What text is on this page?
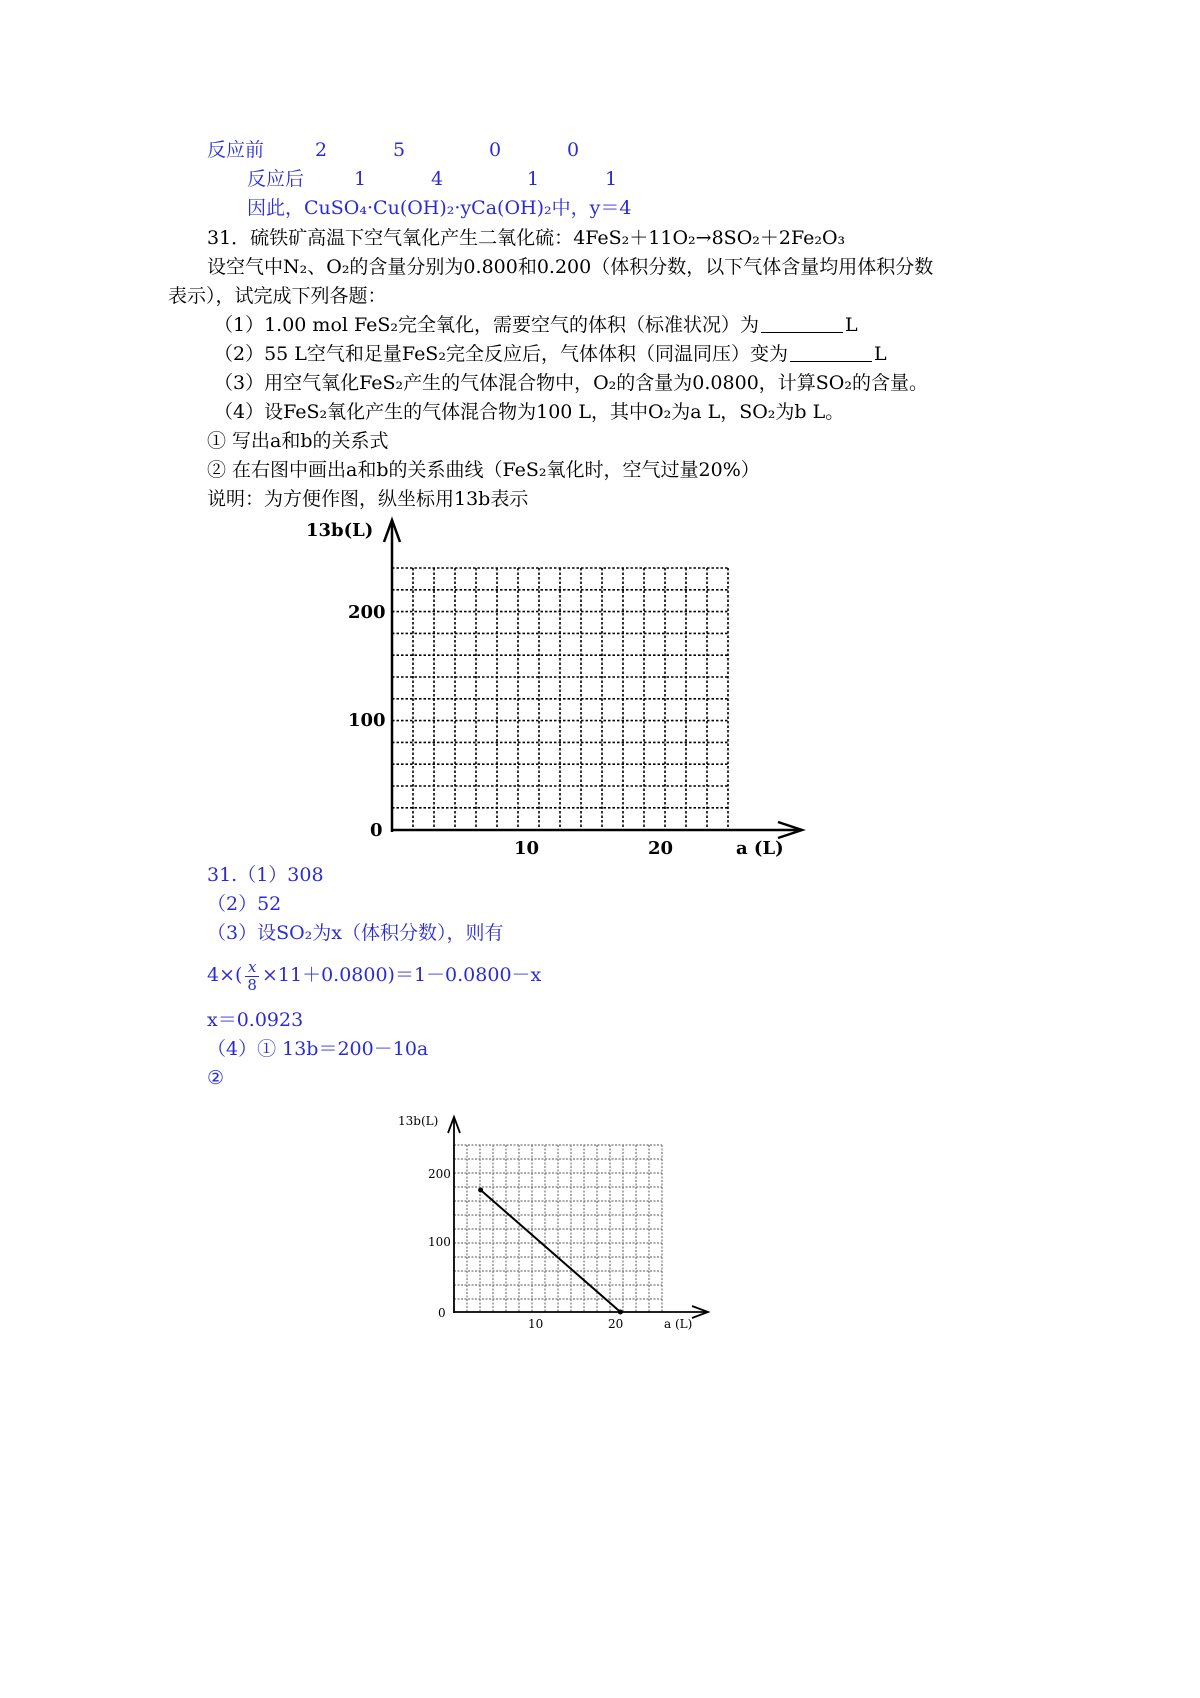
反应前	2	5	0	0
反应后	1	4	1	1
因此，CuSO₄·Cu(OH)₂·yCa(OH)₂中，y＝4
31．硫铁矿高温下空气氧化产生二氧化硫：4FeS₂＋11O₂→8SO₂＋2Fe₂O₃
设空气中N₂、O₂的含量分别为0.800和0.200（体积分数，以下气体含量均用体积分数
表示），试完成下列各题：
（1）1.00 mol FeS₂完全氧化，需要空气的体积（标准状况）为	L
（2）55 L空气和足量FeS₂完全反应后，气体体积（同温同压）变为	L
（3）用空气氧化FeS₂产生的气体混合物中，O₂的含量为0.0800，计算SO₂的含量。
（4）设FeS₂氧化产生的气体混合物为100 L，其中O₂为a L，SO₂为b L。
① 写出a和b的关系式
② 在右图中画出a和b的关系曲线（FeS₂氧化时，空气过量20%）
说明：为方便作图，纵坐标用13b表示
13b(L)
200
100
0
10	20	a (L)
31.（1）308
（2）52
（3）设SO₂为x（体积分数），则有
$4\times( \frac{x}{8} \times 11+0.0800)=1-0.0800-x$
x＝0.0923
（4）① 13b＝200－10a
②
13b(L)
200
100
0
10	20	a (L)
